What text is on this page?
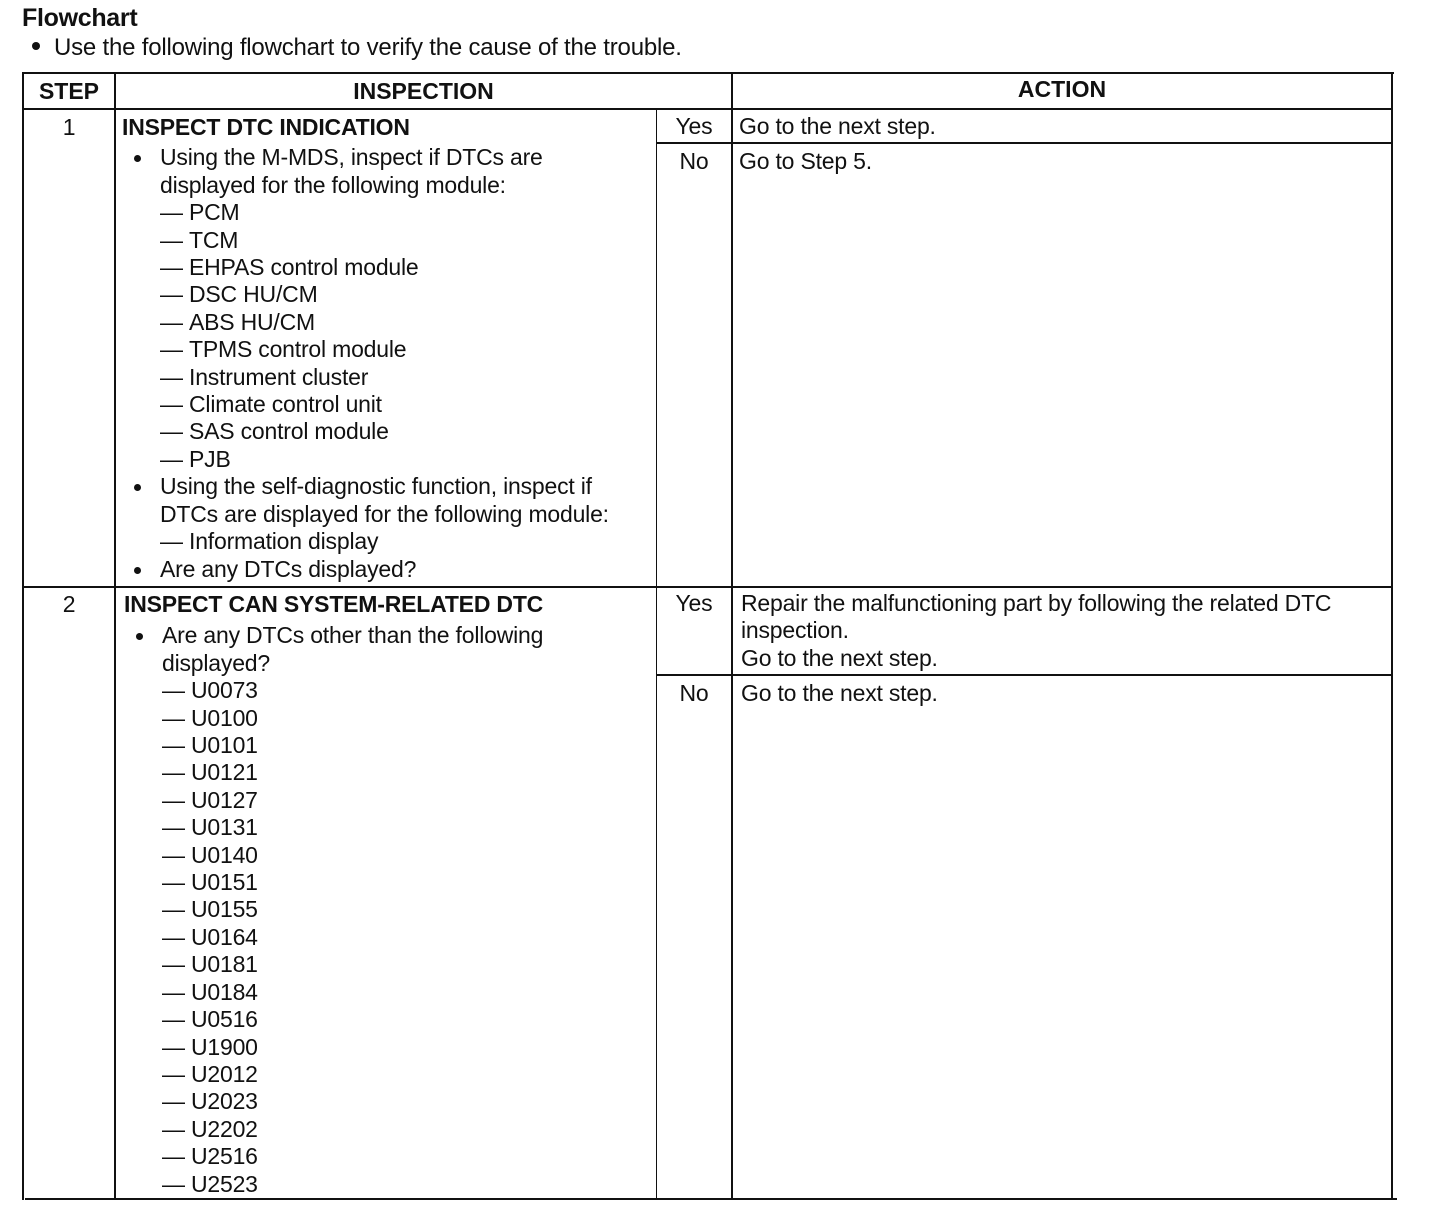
Flowchart
Use the following flowchart to verify the cause of the trouble.
STEP	INSPECTION	ACTION
1	INSPECT DTC INDICATION
Using the M-MDS, inspect if DTCs are
displayed for the following module:
— PCM
— TCM
— EHPAS control module
— DSC HU/CM
— ABS HU/CM
— TPMS control module
— Instrument cluster
— Climate control unit
— SAS control module
— PJB
Using the self-diagnostic function, inspect if
DTCs are displayed for the following module:
— Information display
Are any DTCs displayed?
Yes	Go to the next step.
No	Go to Step 5.
2	INSPECT CAN SYSTEM-RELATED DTC
Are any DTCs other than the following
displayed?
— U0073
— U0100
— U0101
— U0121
— U0127
— U0131
— U0140
— U0151
— U0155
— U0164
— U0181
— U0184
— U0516
— U1900
— U2012
— U2023
— U2202
— U2516
— U2523
Yes	Repair the malfunctioning part by following the related DTC
inspection.
Go to the next step.
No	Go to the next step.
